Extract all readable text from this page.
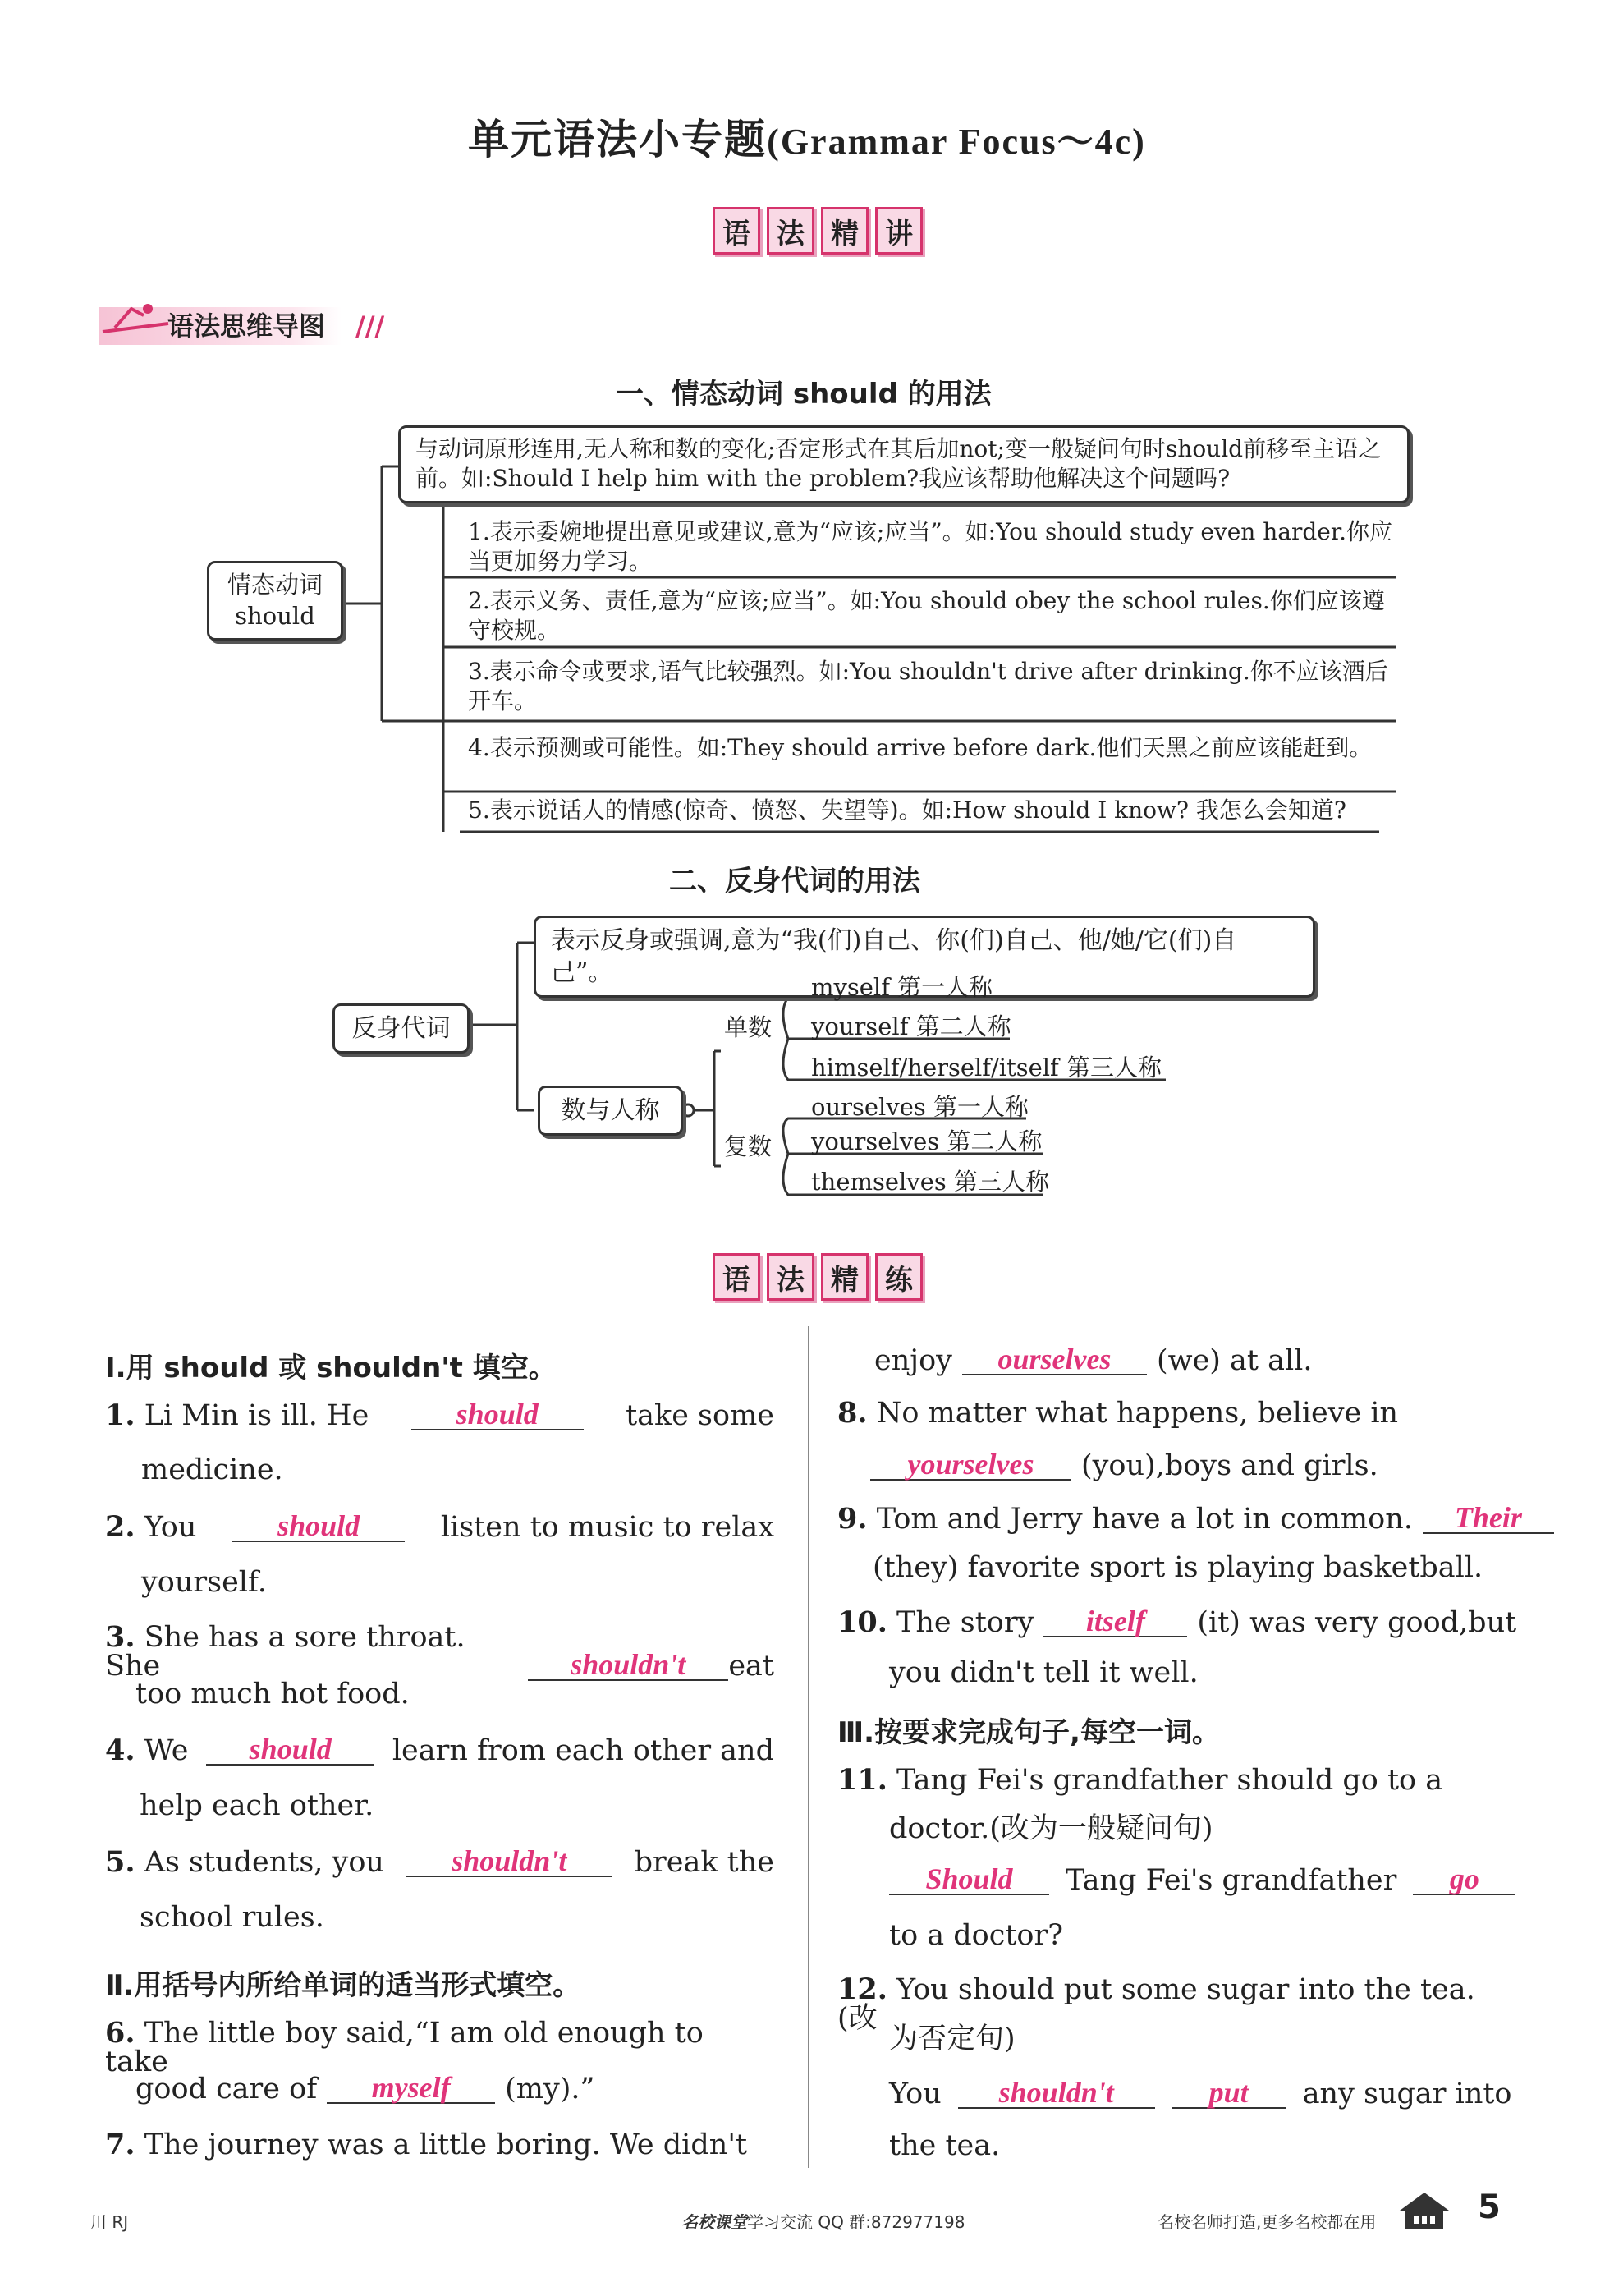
单元语法小专题(Grammar Focus～4c)
语 法 精 讲
语法思维导图 ///
一、情态动词 should 的用法
情态动词
should
与动词原形连用,无人称和数的变化;否定形式在其后加not;变一般疑问句时should前移至主语之前。如:Should I help him with the problem?我应该帮助他解决这个问题吗?
1.表示委婉地提出意见或建议,意为“应该;应当”。如:You should study even harder.你应当更加努力学习。
2.表示义务、责任,意为“应该;应当”。如:You should obey the school rules.你们应该遵守校规。
3.表示命令或要求,语气比较强烈。如:You shouldn't drive after drinking.你不应该酒后开车。
4.表示预测或可能性。如:They should arrive before dark.他们天黑之前应该能赶到。
5.表示说话人的情感(惊奇、愤怒、失望等)。如:How should I know? 我怎么会知道?
二、反身代词的用法
反身代词
表示反身或强调,意为“我(们)自己、你(们)自己、他/她/它(们)自己”。
数与人称
单数
复数
myself 第一人称
yourself 第二人称
himself/herself/itself 第三人称
ourselves 第一人称
yourselves 第二人称
themselves 第三人称
语 法 精 练
Ⅰ.用 should 或 shouldn't 填空。
1. Li Min is ill. He	should	take some
medicine.
2. You	should	listen to music to relax
yourself.
3. She has a sore throat. She	shouldn't	eat
too much hot food.
4. We	should	learn from each other and
help each other.
5. As students, you	shouldn't	break the
school rules.
Ⅱ.用括号内所给单词的适当形式填空。
6. The little boy said,“I am old enough to take
good care of	myself	(my).”
7. The journey was a little boring. We didn't
enjoy	ourselves	(we) at all.
8. No matter what happens, believe in
yourselves	(you),boys and girls.
9. Tom and Jerry have a lot in common.	Their
(they) favorite sport is playing basketball.
10. The story	itself	(it) was very good,but
you didn't tell it well.
Ⅲ.按要求完成句子,每空一词。
11. Tang Fei's grandfather should go to a
doctor.(改为一般疑问句)
Should	Tang Fei's grandfather	go
to a doctor?
12. You should put some sugar into the tea.(改
为否定句)
You	shouldn't	put	any sugar into
the tea.
川 RJ	名校课堂学习交流 QQ 群:872977198	名校名师打造,更多名校都在用	5
